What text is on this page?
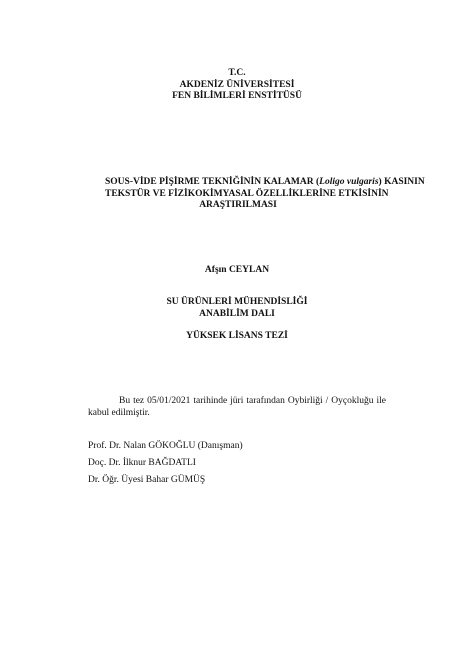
T.C.
AKDENİZ ÜNİVERSİTESİ
FEN BİLİMLERİ ENSTİTÜSÜ
SOUS-VİDE PİŞİRME TEKNİĞİNİN KALAMAR (Loligo vulgaris) KASININ
TEKSTÜR VE FİZİKOKİMYASAL ÖZELLİKLERİNE ETKİSİNİN
ARAŞTIRILMASI
Afşın CEYLAN
SU ÜRÜNLERİ MÜHENDİSLİĞİ
ANABİLİM DALI
YÜKSEK LİSANS TEZİ
Bu tez 05/01/2021 tarihinde jüri tarafından Oybirliği / Oyçokluğu ile kabul edilmiştir.
Prof. Dr. Nalan GÖKOĞLU (Danışman)
Doç. Dr. İlknur BAĞDATLI
Dr. Öğr. Üyesi Bahar GÜMÜŞ
